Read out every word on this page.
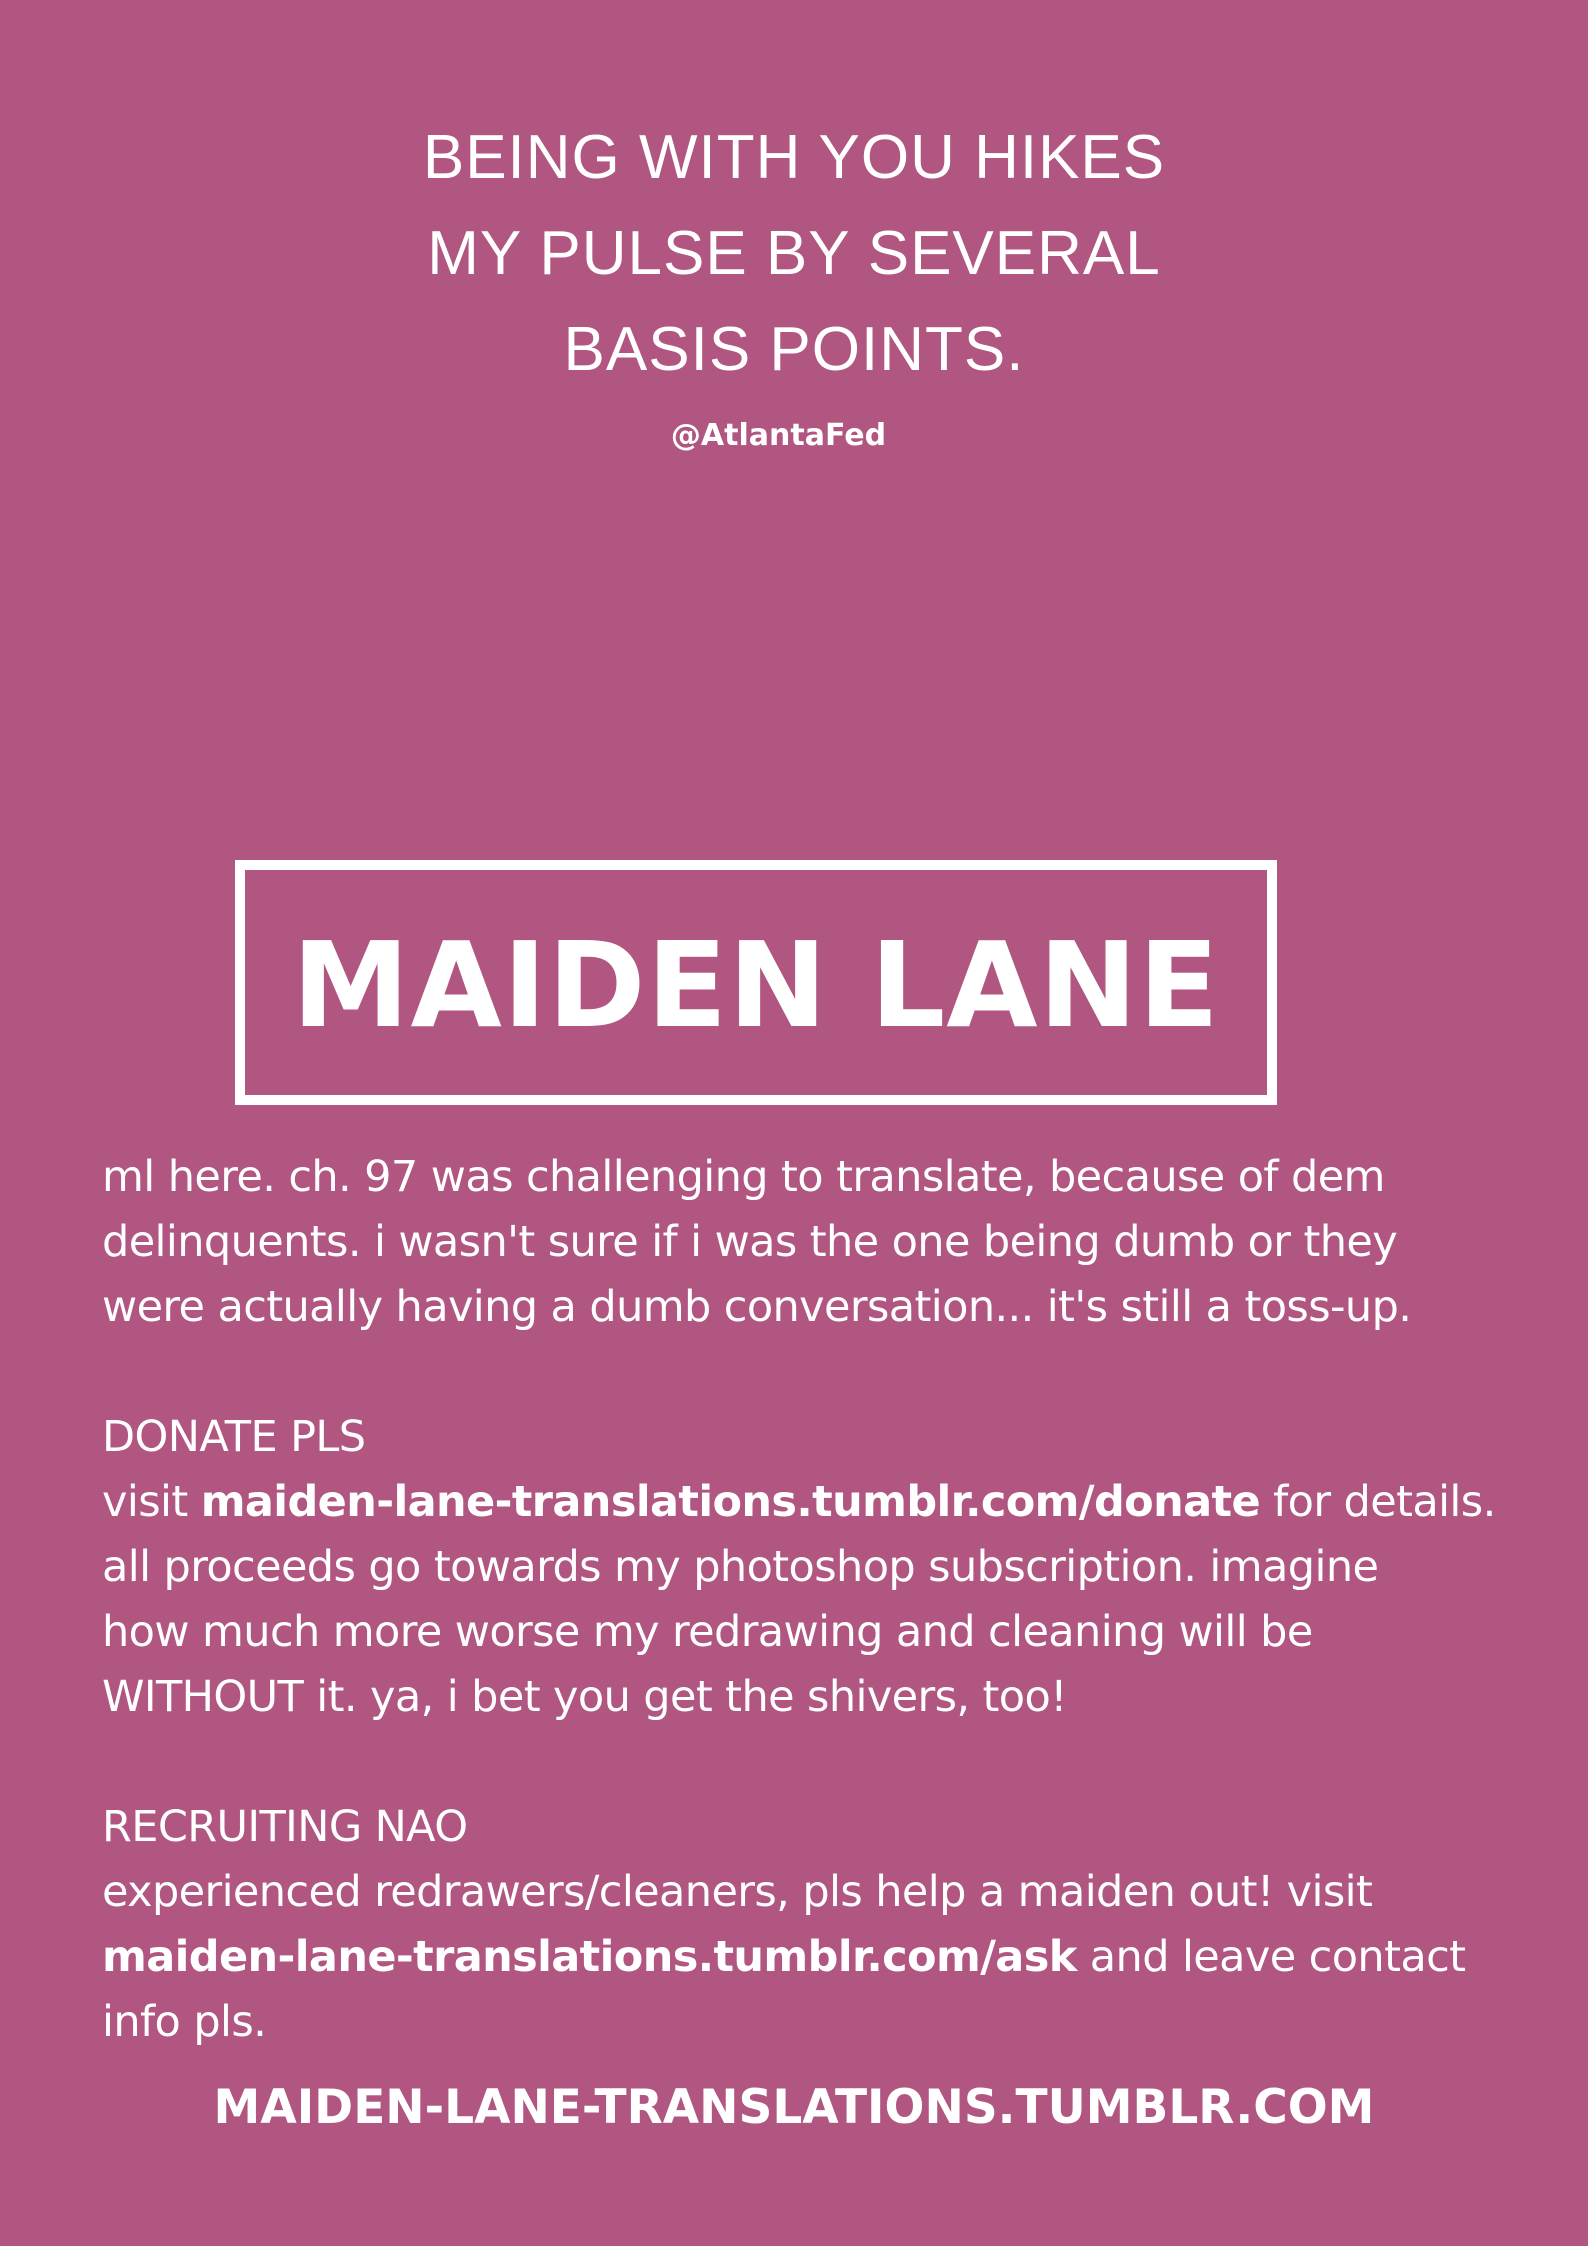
BEING WITH YOU HIKES
MY PULSE BY SEVERAL
BASIS POINTS.
@AtlantaFed
MAIDEN LANE

ml here. ch. 97 was challenging to translate, because of dem
delinquents. i wasn't sure if i was the one being dumb or they
were actually having a dumb conversation... it's still a toss-up.

DONATE PLS
visit maiden-lane-translations.tumblr.com/donate for details.
all proceeds go towards my photoshop subscription. imagine
how much more worse my redrawing and cleaning will be
WITHOUT it. ya, i bet you get the shivers, too!

RECRUITING NAO
experienced redrawers/cleaners, pls help a maiden out! visit
maiden-lane-translations.tumblr.com/ask and leave contact
info pls.

MAIDEN-LANE-TRANSLATIONS.TUMBLR.COM
